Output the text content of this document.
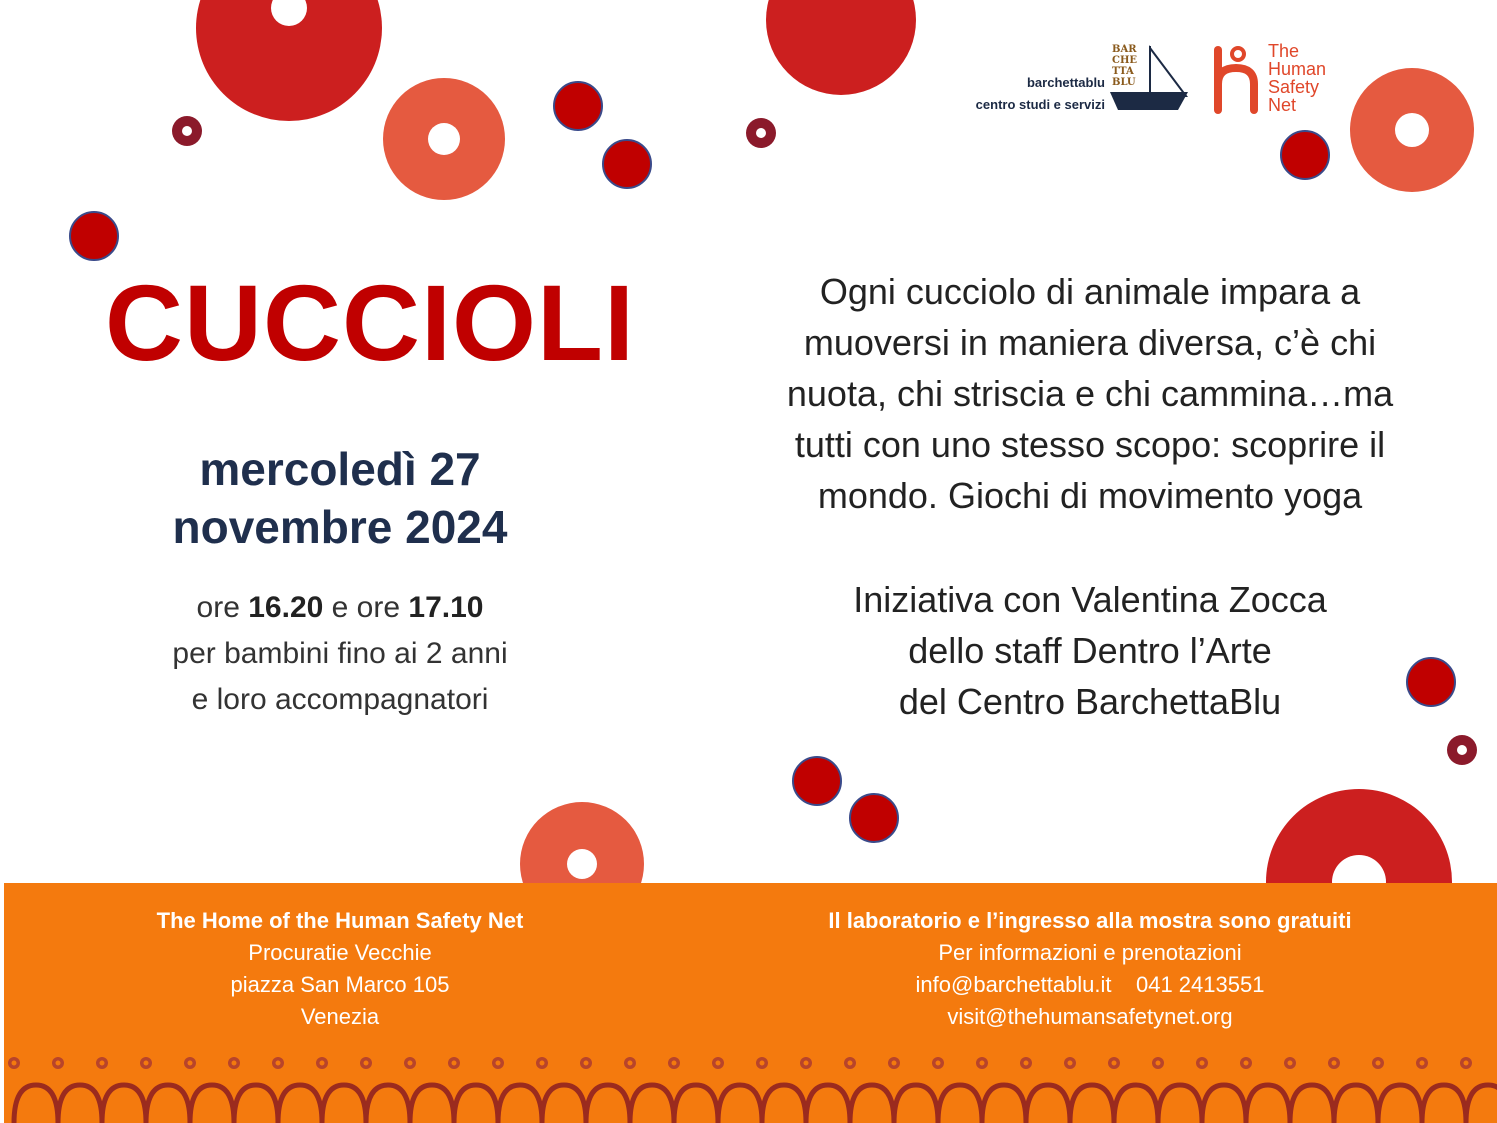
barchettablu
centro studi e servizi
BAR
CHE
TTA
BLU
The
Human
Safety
Net
CUCCIOLI
mercoledì 27
novembre 2024
ore 16.20 e ore 17.10
per bambini fino ai 2 anni
e loro accompagnatori
Ogni cucciolo di animale impara a
muoversi in maniera diversa, c’è chi
nuota, chi striscia e chi cammina…ma
tutti con uno stesso scopo: scoprire il
mondo. Giochi di movimento yoga
Iniziativa con Valentina Zocca
dello staff Dentro l’Arte
del Centro BarchettaBlu
The Home of the Human Safety Net
Procuratie Vecchie
piazza San Marco 105
Venezia
Il laboratorio e l’ingresso alla mostra sono gratuiti
Per informazioni e prenotazioni
info@barchettablu.it    041 2413551
visit@thehumansafetynet.org
